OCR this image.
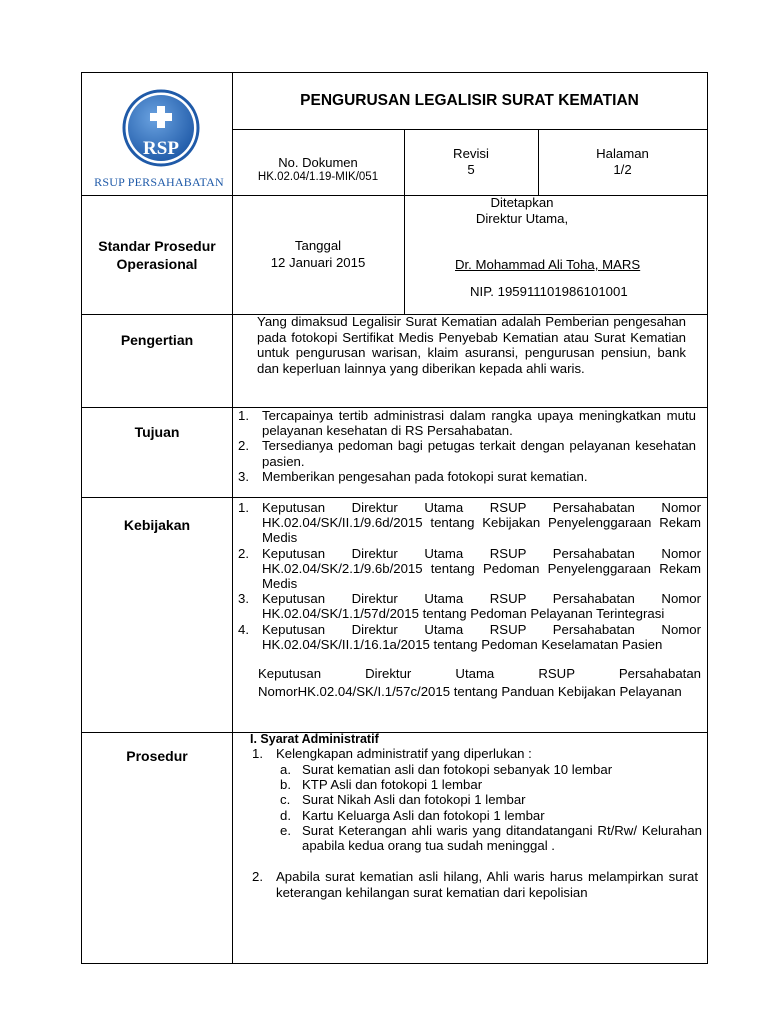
RSP
RSUP PERSAHABATAN
PENGURUSAN LEGALISIR SURAT KEMATIAN
No. Dokumen
HK.02.04/1.19-MIK/051
Revisi
5
Halaman
1/2
Standar Prosedur
Operasional
Tanggal
12 Januari 2015
Ditetapkan
Direktur Utama,
Dr. Mohammad Ali Toha, MARS
NIP. 195911101986101001
Pengertian
Yang dimaksud Legalisir Surat Kematian adalah Pemberian pengesahan pada fotokopi Sertifikat Medis Penyebab Kematian atau Surat Kematian untuk pengurusan warisan, klaim asuransi, pengurusan pensiun, bank dan keperluan lainnya yang diberikan kepada ahli waris.
Tujuan
1. Tercapainya tertib administrasi dalam rangka upaya meningkatkan mutu pelayanan kesehatan di RS Persahabatan.
2. Tersedianya pedoman bagi petugas terkait dengan pelayanan kesehatan pasien.
3. Memberikan pengesahan pada fotokopi surat kematian.
Kebijakan
1. Keputusan Direktur Utama RSUP Persahabatan Nomor HK.02.04/SK/II.1/9.6d/2015 tentang Kebijakan Penyelenggaraan Rekam Medis
2. Keputusan Direktur Utama RSUP Persahabatan Nomor HK.02.04/SK/2.1/9.6b/2015 tentang Pedoman Penyelenggaraan Rekam Medis
3. Keputusan Direktur Utama RSUP Persahabatan Nomor HK.02.04/SK/1.1/57d/2015 tentang Pedoman Pelayanan Terintegrasi
4. Keputusan Direktur Utama RSUP Persahabatan Nomor HK.02.04/SK/II.1/16.1a/2015 tentang Pedoman Keselamatan Pasien
Keputusan Direktur Utama RSUP Persahabatan NomorHK.02.04/SK/I.1/57c/2015 tentang Panduan Kebijakan Pelayanan
Prosedur
I. Syarat Administratif
1. Kelengkapan administratif yang diperlukan :
a. Surat kematian asli dan fotokopi sebanyak 10 lembar
b. KTP Asli dan fotokopi 1 lembar
c. Surat Nikah Asli dan fotokopi 1 lembar
d. Kartu Keluarga Asli dan fotokopi 1 lembar
e. Surat Keterangan ahli waris yang ditandatangani Rt/Rw/ Kelurahan apabila kedua orang tua sudah meninggal .
2. Apabila surat kematian asli hilang, Ahli waris harus melampirkan surat keterangan kehilangan surat kematian dari kepolisian
